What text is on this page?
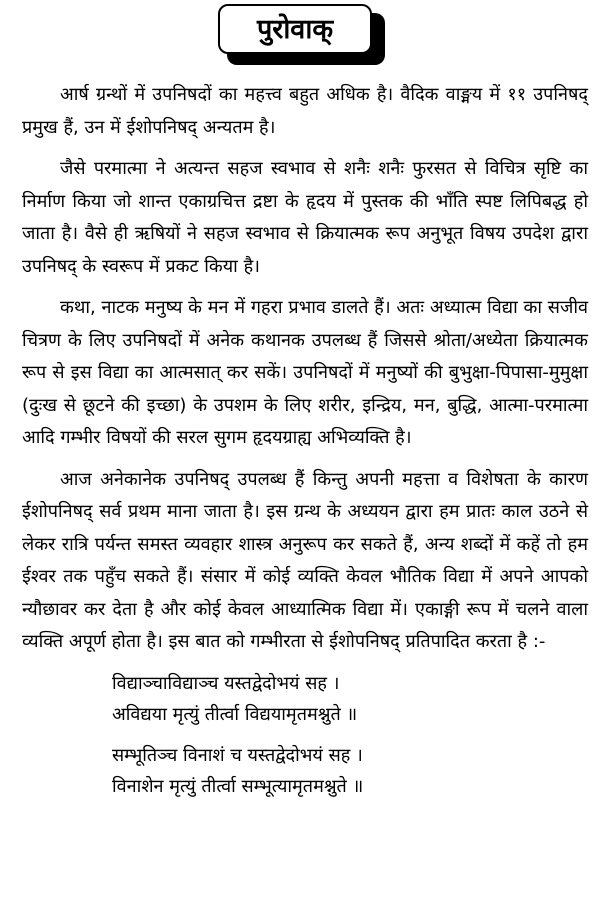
पुरोवाक्

आर्ष ग्रन्थों में उपनिषदों का महत्त्व बहुत अधिक है। वैदिक वाङ्मय में ११ उपनिषद् प्रमुख हैं, उन में ईशोपनिषद् अन्यतम है।

जैसे परमात्मा ने अत्यन्त सहज स्वभाव से शनैः शनैः फुरसत से विचित्र सृष्टि का निर्माण किया जो शान्त एकाग्रचित्त द्रष्टा के हृदय में पुस्तक की भाँति स्पष्ट लिपिबद्ध हो जाता है। वैसे ही ऋषियों ने सहज स्वभाव से क्रियात्मक रूप अनुभूत विषय उपदेश द्वारा उपनिषद् के स्वरूप में प्रकट किया है।

कथा, नाटक मनुष्य के मन में गहरा प्रभाव डालते हैं। अतः अध्यात्म विद्या का सजीव चित्रण के लिए उपनिषदों में अनेक कथानक उपलब्ध हैं जिससे श्रोता/अध्येता क्रियात्मक रूप से इस विद्या का आत्मसात् कर सकें। उपनिषदों में मनुष्यों की बुभुक्षा-पिपासा-मुमुक्षा (दुःख से छूटने की इच्छा) के उपशम के लिए शरीर, इन्द्रिय, मन, बुद्धि, आत्मा-परमात्मा आदि गम्भीर विषयों की सरल सुगम हृदयग्राह्य अभिव्यक्ति है।

आज अनेकानेक उपनिषद् उपलब्ध हैं किन्तु अपनी महत्ता व विशेषता के कारण ईशोपनिषद् सर्व प्रथम माना जाता है। इस ग्रन्थ के अध्ययन द्वारा हम प्रातः काल उठने से लेकर रात्रि पर्यन्त समस्त व्यवहार शास्त्र अनुरूप कर सकते हैं, अन्य शब्दों में कहें तो हम ईश्वर तक पहुँच सकते हैं। संसार में कोई व्यक्ति केवल भौतिक विद्या में अपने आपको न्यौछावर कर देता है और कोई केवल आध्यात्मिक विद्या में। एकाङ्गी रूप में चलने वाला व्यक्ति अपूर्ण होता है। इस बात को गम्भीरता से ईशोपनिषद् प्रतिपादित करता है :-

विद्याञ्चाविद्याञ्च यस्तद्वेदोभयं सह ।
अविद्यया मृत्युं तीर्त्वा विद्ययामृतमश्नुते ॥
सम्भूतिञ्च विनाशं च यस्तद्वेदोभयं सह ।
विनाशेन मृत्युं तीर्त्वा सम्भूत्यामृतमश्नुते ॥
